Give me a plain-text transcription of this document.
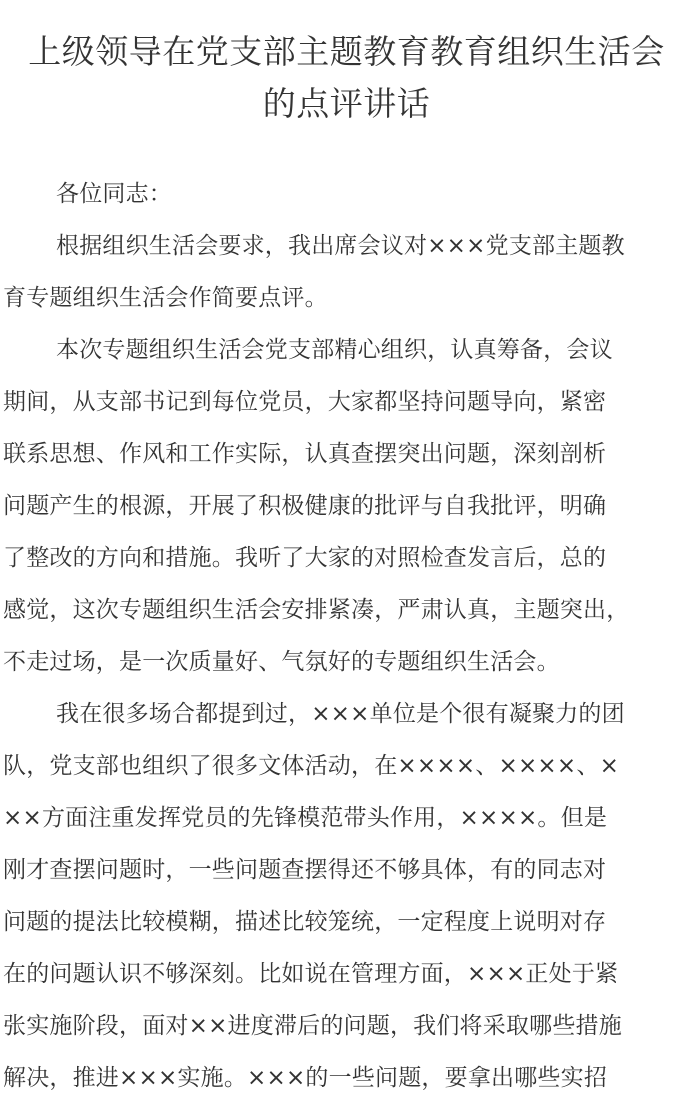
上级领导在党支部主题教育教育组织生活会
的点评讲话
各位同志：
根据组织生活会要求，我出席会议对×××党支部主题教
育专题组织生活会作简要点评。
本次专题组织生活会党支部精心组织，认真筹备，会议
期间，从支部书记到每位党员，大家都坚持问题导向，紧密
联系思想、作风和工作实际，认真查摆突出问题，深刻剖析
问题产生的根源，开展了积极健康的批评与自我批评，明确
了整改的方向和措施。我听了大家的对照检查发言后，总的
感觉，这次专题组织生活会安排紧凑，严肃认真，主题突出，
不走过场，是一次质量好、气氛好的专题组织生活会。
我在很多场合都提到过，×××单位是个很有凝聚力的团
队，党支部也组织了很多文体活动，在××××、××××、×
××方面注重发挥党员的先锋模范带头作用，××××。但是
刚才查摆问题时，一些问题查摆得还不够具体，有的同志对
问题的提法比较模糊，描述比较笼统，一定程度上说明对存
在的问题认识不够深刻。比如说在管理方面，×××正处于紧
张实施阶段，面对××进度滞后的问题，我们将采取哪些措施
解决，推进×××实施。×××的一些问题，要拿出哪些实招
